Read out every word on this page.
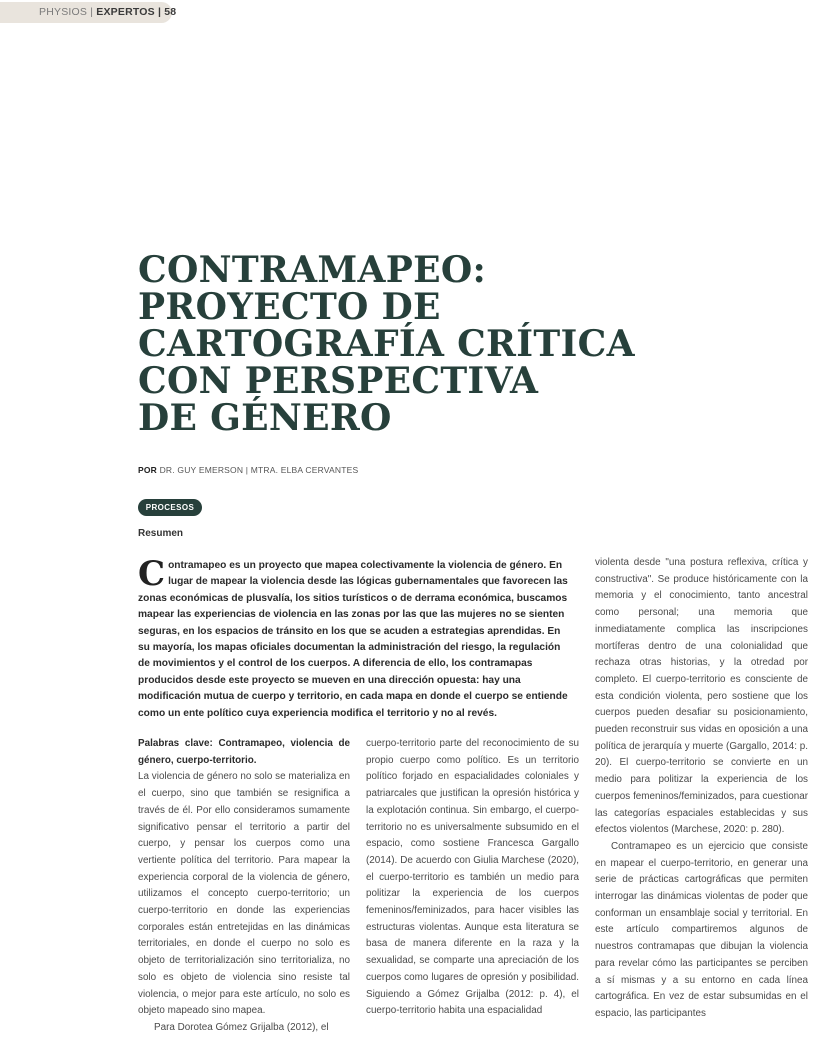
PHYSIOS | EXPERTOS | 58
CONTRAMAPEO:
PROYECTO DE
CARTOGRAFÍA CRÍTICA
CON PERSPECTIVA
DE GÉNERO
POR DR. GUY EMERSON | MTRA. ELBA CERVANTES
PROCESOS
Resumen

Contramapeo es un proyecto que mapea colectivamente la violencia de género. En lugar de mapear la violencia desde las lógicas gubernamentales que favorecen las zonas económicas de plusvalía, los sitios turísticos o de derrama económica, buscamos mapear las experiencias de violencia en las zonas por las que las mujeres no se sienten seguras, en los espacios de tránsito en los que se acuden a estrategias aprendidas. En su mayoría, los mapas oficiales documentan la administración del riesgo, la regulación de movimientos y el control de los cuerpos. A diferencia de ello, los contramapas producidos desde este proyecto se mueven en una dirección opuesta: hay una modificación mutua de cuerpo y territorio, en cada mapa en donde el cuerpo se entiende como un ente político cuya experiencia modifica el territorio y no al revés.

Palabras clave: Contramapeo, violencia de género, cuerpo-territorio.

La violencia de género no solo se materializa en el cuerpo, sino que también se resignifica a través de él. Por ello consideramos sumamente significativo pensar el territorio a partir del cuerpo, y pensar los cuerpos como una vertiente política del territorio. Para mapear la experiencia corporal de la violencia de género, utilizamos el concepto cuerpo-territorio; un cuerpo-territorio en donde las experiencias corporales están entretejidas en las dinámicas territoriales, en donde el cuerpo no solo es objeto de territorialización sino territorializa, no solo es objeto de violencia sino resiste tal violencia, o mejor para este artículo, no solo es objeto mapeado sino mapea.

Para Dorotea Gómez Grijalba (2012), el

cuerpo-territorio parte del reconocimiento de su propio cuerpo como político. Es un territorio político forjado en espacialidades coloniales y patriarcales que justifican la opresión histórica y la explotación continua. Sin embargo, el cuerpo-territorio no es universalmente subsumido en el espacio, como sostiene Francesca Gargallo (2014). De acuerdo con Giulia Marchese (2020), el cuerpo-territorio es también un medio para politizar la experiencia de los cuerpos femeninos/feminizados, para hacer visibles las estructuras violentas. Aunque esta literatura se basa de manera diferente en la raza y la sexualidad, se comparte una apreciación de los cuerpos como lugares de opresión y posibilidad. Siguiendo a Gómez Grijalba (2012: p. 4), el cuerpo-territorio habita una espacialidad

violenta desde "una postura reflexiva, crítica y constructiva". Se produce históricamente con la memoria y el conocimiento, tanto ancestral como personal; una memoria que inmediatamente complica las inscripciones mortíferas dentro de una colonialidad que rechaza otras historias, y la otredad por completo. El cuerpo-territorio es consciente de esta condición violenta, pero sostiene que los cuerpos pueden desafiar su posicionamiento, pueden reconstruir sus vidas en oposición a una política de jerarquía y muerte (Gargallo, 2014: p. 20). El cuerpo-territorio se convierte en un medio para politizar la experiencia de los cuerpos femeninos/feminizados, para cuestionar las categorías espaciales establecidas y sus efectos violentos (Marchese, 2020: p. 280).

Contramapeo es un ejercicio que consiste en mapear el cuerpo-territorio, en generar una serie de prácticas cartográficas que permiten interrogar las dinámicas violentas de poder que conforman un ensamblaje social y territorial. En este artículo compartiremos algunos de nuestros contramapas que dibujan la violencia para revelar cómo las participantes se perciben a sí mismas y a su entorno en cada línea cartográfica. En vez de estar subsumidas en el espacio, las participantes
